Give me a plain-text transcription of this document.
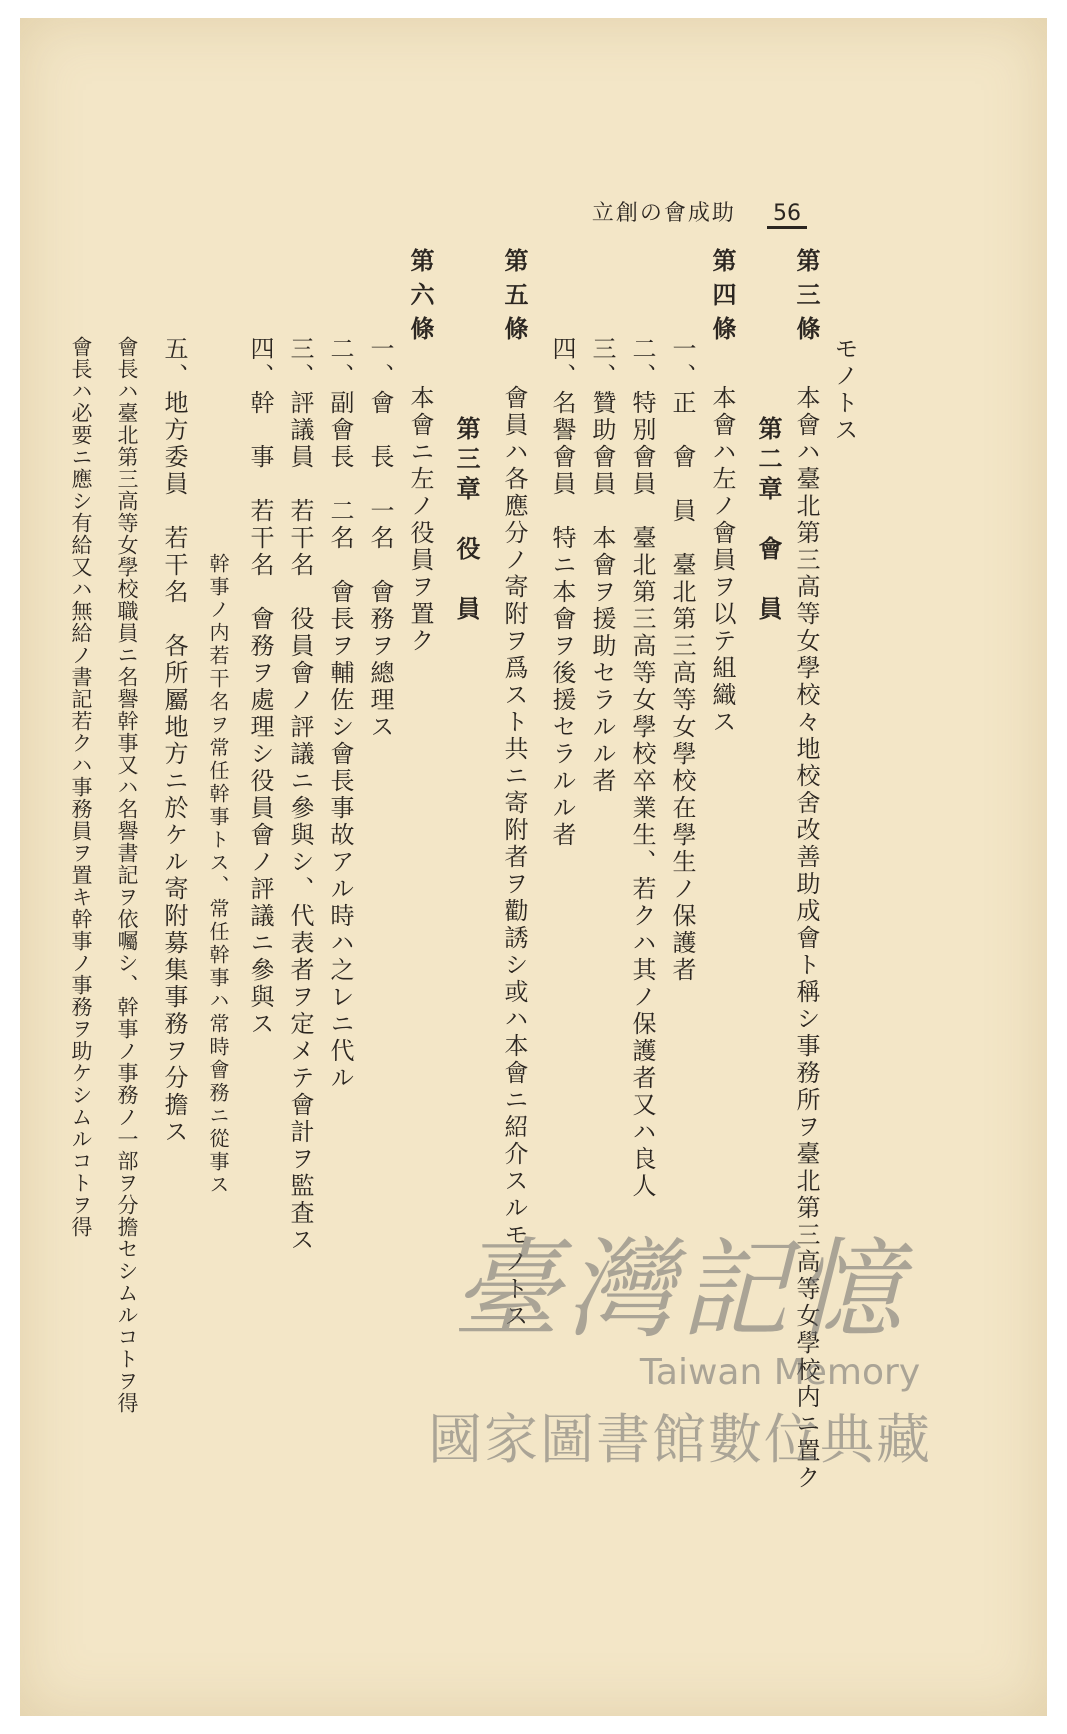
立創の會成助 56
モノトス
第三條 本會ハ臺北第三高等女學校々地校舍改善助成會ト稱シ事務所ヲ臺北第三高等女學校内ニ置ク
第二章　會　員
第四條 本會ハ左ノ會員ヲ以テ組織ス
一、正　會　員　臺北第三高等女學校在學生ノ保護者
二、特別會員　臺北第三高等女學校卒業生、若クハ其ノ保護者又ハ良人
三、贊助會員　本會ヲ援助セラルル者
四、名譽會員　特ニ本會ヲ後援セラルル者
第五條 會員ハ各應分ノ寄附ヲ爲スト共ニ寄附者ヲ勸誘シ或ハ本會ニ紹介スルモノトス
第三章　役　員
第六條 本會ニ左ノ役員ヲ置ク
一、會　長　一名　會務ヲ總理ス
二、副會長　二名　會長ヲ輔佐シ會長事故アル時ハ之レニ代ル
三、評議員　若干名　役員會ノ評議ニ參與シ、代表者ヲ定メテ會計ヲ監査ス
四、幹　事　若干名　會務ヲ處理シ役員會ノ評議ニ參與ス
幹事ノ内若干名ヲ常任幹事トス、常任幹事ハ常時會務ニ從事ス
五、地方委員　若干名　各所屬地方ニ於ケル寄附募集事務ヲ分擔ス
會長ハ臺北第三高等女學校職員ニ名譽幹事又ハ名譽書記ヲ依囑シ、幹事ノ事務ノ一部ヲ分擔セシムルコトヲ得
會長ハ必要ニ應シ有給又ハ無給ノ書記若クハ事務員ヲ置キ幹事ノ事務ヲ助ケシムルコトヲ得
臺灣記憶
Taiwan Memory
國家圖書館數位典藏
